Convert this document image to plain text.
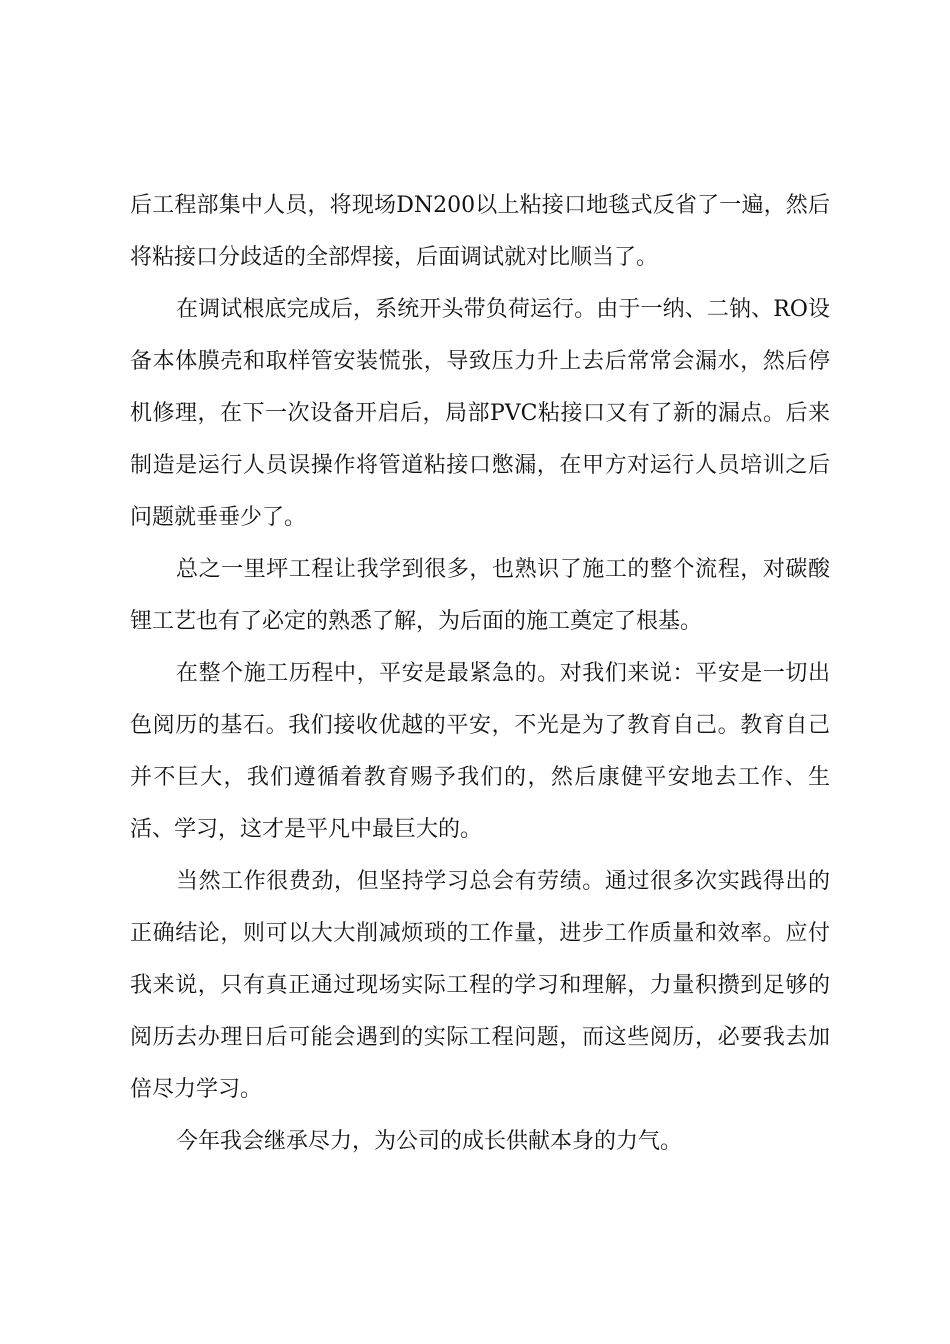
后工程部集中人员，将现场DN200以上粘接口地毯式反省了一遍，然后
将粘接口分歧适的全部焊接，后面调试就对比顺当了。
在调试根底完成后，系统开头带负荷运行。由于一纳、二钠、RO设
备本体膜壳和取样管安装慌张，导致压力升上去后常常会漏水，然后停
机修理，在下一次设备开启后，局部PVC粘接口又有了新的漏点。后来
制造是运行人员误操作将管道粘接口憋漏，在甲方对运行人员培训之后
问题就垂垂少了。
总之一里坪工程让我学到很多，也熟识了施工的整个流程，对碳酸
锂工艺也有了必定的熟悉了解，为后面的施工奠定了根基。
在整个施工历程中，平安是最紧急的。对我们来说：平安是一切出
色阅历的基石。我们接收优越的平安，不光是为了教育自己。教育自己
并不巨大，我们遵循着教育赐予我们的，然后康健平安地去工作、生
活、学习，这才是平凡中最巨大的。
当然工作很费劲，但坚持学习总会有劳绩。通过很多次实践得出的
正确结论，则可以大大削减烦琐的工作量，进步工作质量和效率。应付
我来说，只有真正通过现场实际工程的学习和理解，力量积攒到足够的
阅历去办理日后可能会遇到的实际工程问题，而这些阅历，必要我去加
倍尽力学习。
今年我会继承尽力，为公司的成长供献本身的力气。
